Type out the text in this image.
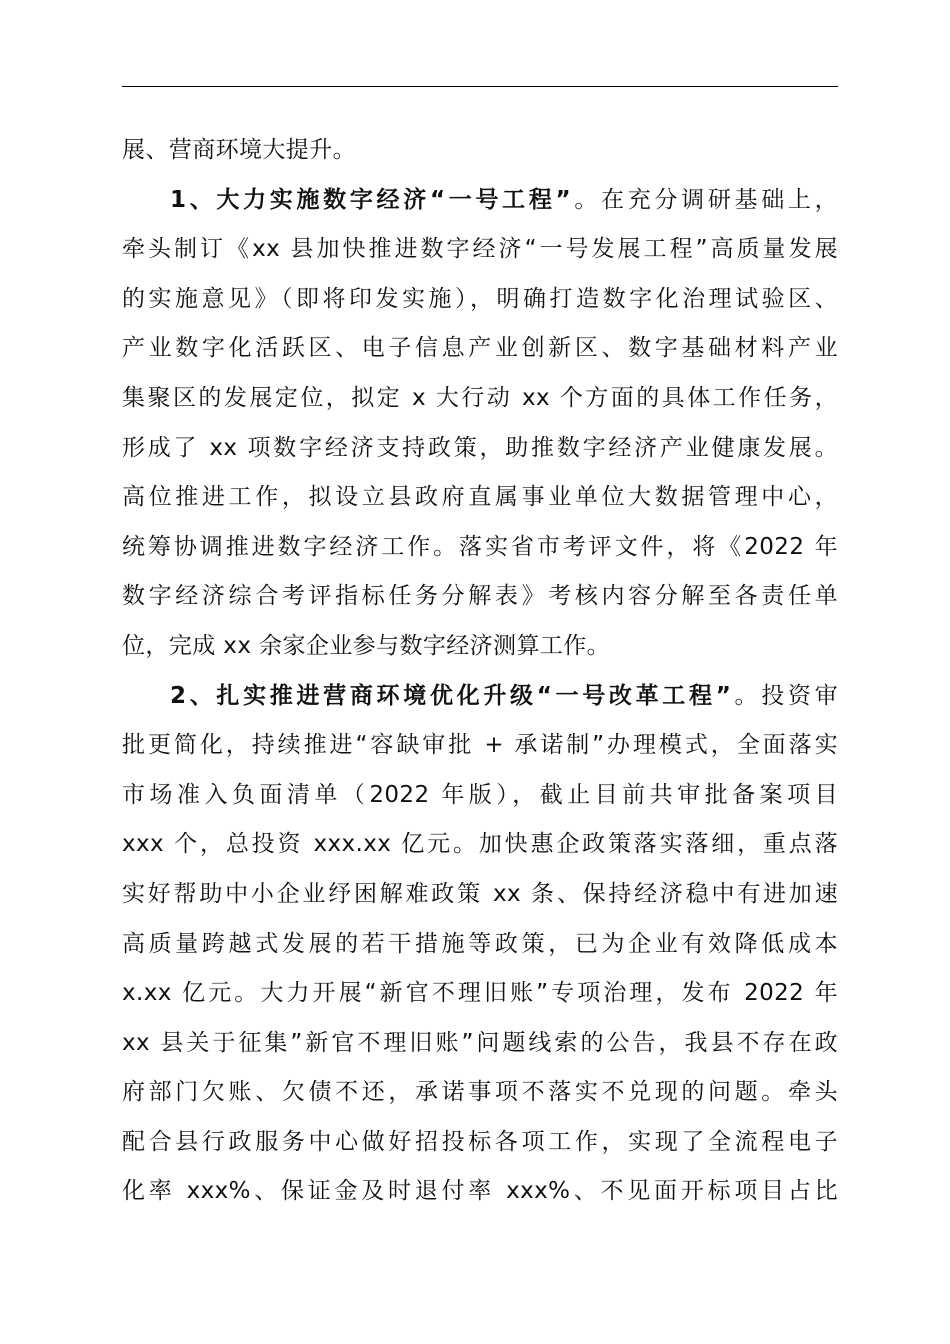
展、营商环境大提升。
1、大力实施数字经济“一号工程”。在充分调研基础上，
牵头制订《xx 县加快推进数字经济“一号发展工程”高质量发展
的实施意见》（即将印发实施），明确打造数字化治理试验区、
产业数字化活跃区、电子信息产业创新区、数字基础材料产业
集聚区的发展定位，拟定 x 大行动 xx 个方面的具体工作任务，
形成了 xx 项数字经济支持政策，助推数字经济产业健康发展。
高位推进工作，拟设立县政府直属事业单位大数据管理中心，
统筹协调推进数字经济工作。落实省市考评文件，将《2022 年
数字经济综合考评指标任务分解表》考核内容分解至各责任单
位，完成 xx 余家企业参与数字经济测算工作。
2、扎实推进营商环境优化升级“一号改革工程”。投资审
批更简化，持续推进“容缺审批 + 承诺制”办理模式，全面落实
市场准入负面清单（2022 年版），截止目前共审批备案项目
xxx 个，总投资 xxx.xx 亿元。加快惠企政策落实落细，重点落
实好帮助中小企业纾困解难政策 xx 条、保持经济稳中有进加速
高质量跨越式发展的若干措施等政策，已为企业有效降低成本
x.xx 亿元。大力开展“新官不理旧账”专项治理，发布 2022 年
xx 县关于征集”新官不理旧账”问题线索的公告，我县不存在政
府部门欠账、欠债不还，承诺事项不落实不兑现的问题。牵头
配合县行政服务中心做好招投标各项工作，实现了全流程电子
化率 xxx%、保证金及时退付率 xxx%、不见面开标项目占比
